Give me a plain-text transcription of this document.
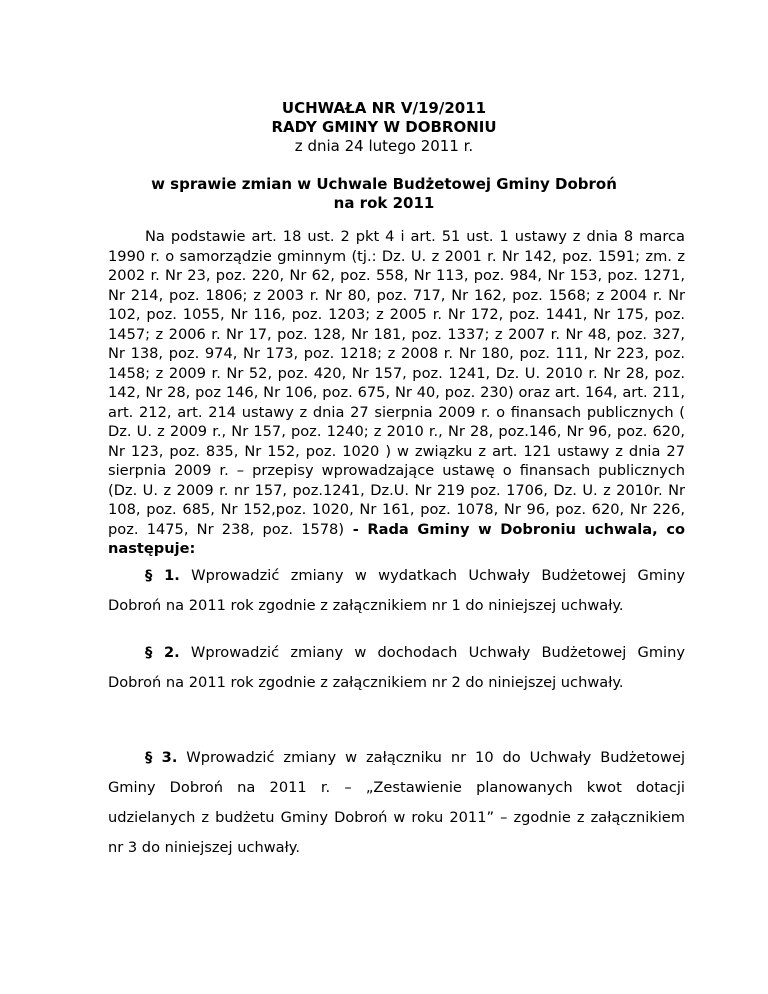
UCHWAŁA NR V/19/2011
RADY GMINY W DOBRONIU
z dnia 24 lutego 2011 r.
w sprawie zmian w Uchwale Budżetowej Gminy Dobroń
na rok 2011
Na podstawie art. 18 ust. 2 pkt 4 i art. 51 ust. 1 ustawy z dnia 8 marca 1990 r. o samorządzie gminnym (tj.: Dz. U. z 2001 r. Nr 142, poz. 1591; zm. z 2002 r. Nr 23, poz. 220, Nr 62, poz. 558, Nr 113, poz. 984, Nr 153, poz. 1271, Nr 214, poz. 1806; z 2003 r. Nr 80, poz. 717, Nr 162, poz. 1568; z 2004 r. Nr 102, poz. 1055, Nr 116, poz. 1203; z 2005 r. Nr 172, poz. 1441, Nr 175, poz. 1457; z 2006 r. Nr 17, poz. 128, Nr 181, poz. 1337; z 2007 r. Nr 48, poz. 327, Nr 138, poz. 974, Nr 173, poz. 1218; z 2008 r. Nr 180, poz. 111, Nr 223, poz. 1458; z 2009 r. Nr 52, poz. 420, Nr 157, poz. 1241, Dz. U. 2010 r. Nr 28, poz. 142, Nr 28, poz 146, Nr 106, poz. 675, Nr 40, poz. 230) oraz art. 164, art. 211, art. 212, art. 214 ustawy z dnia 27 sierpnia 2009 r. o finansach publicznych ( Dz. U. z 2009 r., Nr 157, poz. 1240; z 2010 r., Nr 28, poz.146, Nr 96, poz. 620, Nr 123, poz. 835, Nr 152, poz. 1020 ) w związku z art. 121 ustawy z dnia 27 sierpnia 2009 r. – przepisy wprowadzające ustawę o finansach publicznych (Dz. U. z 2009 r. nr 157, poz.1241, Dz.U. Nr 219 poz. 1706, Dz. U. z 2010r. Nr 108, poz. 685, Nr 152,poz. 1020, Nr 161, poz. 1078, Nr 96, poz. 620, Nr 226, poz. 1475, Nr 238, poz. 1578) - Rada Gminy w Dobroniu uchwala, co następuje:
§ 1. Wprowadzić zmiany w wydatkach Uchwały Budżetowej Gminy Dobroń na 2011 rok zgodnie z załącznikiem nr 1 do niniejszej uchwały.
§ 2. Wprowadzić zmiany w dochodach Uchwały Budżetowej Gminy Dobroń na 2011 rok zgodnie z załącznikiem nr 2 do niniejszej uchwały.
§ 3. Wprowadzić zmiany w załączniku nr 10 do Uchwały Budżetowej Gminy Dobroń na 2011 r. – „Zestawienie planowanych kwot dotacji udzielanych z budżetu Gminy Dobroń w roku 2011” – zgodnie z załącznikiem nr 3 do niniejszej uchwały.
